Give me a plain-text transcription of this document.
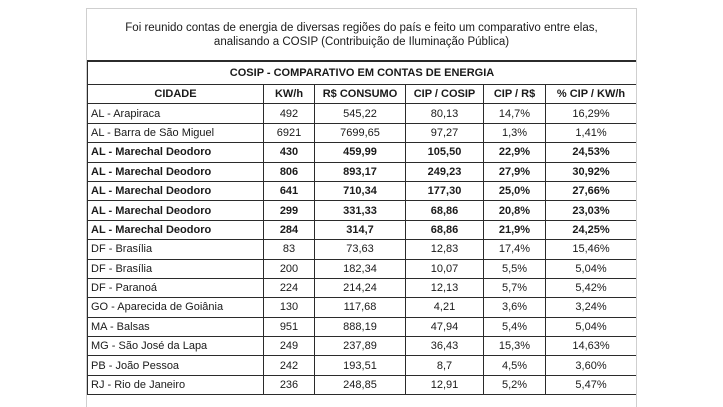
Foi reunido contas de energia de diversas regiões do país e feito um comparativo entre elas,
analisando a COSIP (Contribuição de Iluminação Pública)
COSIP - COMPARATIVO EM CONTAS DE ENERGIA					
CIDADE	KW/h	R$ CONSUMO	CIP / COSIP	CIP / R$	% CIP / KW/h
AL - Arapiraca	492	545,22	80,13	14,7%	16,29%
AL - Barra de São Miguel	6921	7699,65	97,27	1,3%	1,41%
AL - Marechal Deodoro	430	459,99	105,50	22,9%	24,53%
AL - Marechal Deodoro	806	893,17	249,23	27,9%	30,92%
AL - Marechal Deodoro	641	710,34	177,30	25,0%	27,66%
AL - Marechal Deodoro	299	331,33	68,86	20,8%	23,03%
AL - Marechal Deodoro	284	314,7	68,86	21,9%	24,25%
DF - Brasília	83	73,63	12,83	17,4%	15,46%
DF - Brasília	200	182,34	10,07	5,5%	5,04%
DF - Paranoá	224	214,24	12,13	5,7%	5,42%
GO - Aparecida de Goiânia	130	117,68	4,21	3,6%	3,24%
MA - Balsas	951	888,19	47,94	5,4%	5,04%
MG - São José da Lapa	249	237,89	36,43	15,3%	14,63%
PB - João Pessoa	242	193,51	8,7	4,5%	3,60%
RJ - Rio de Janeiro	236	248,85	12,91	5,2%	5,47%
